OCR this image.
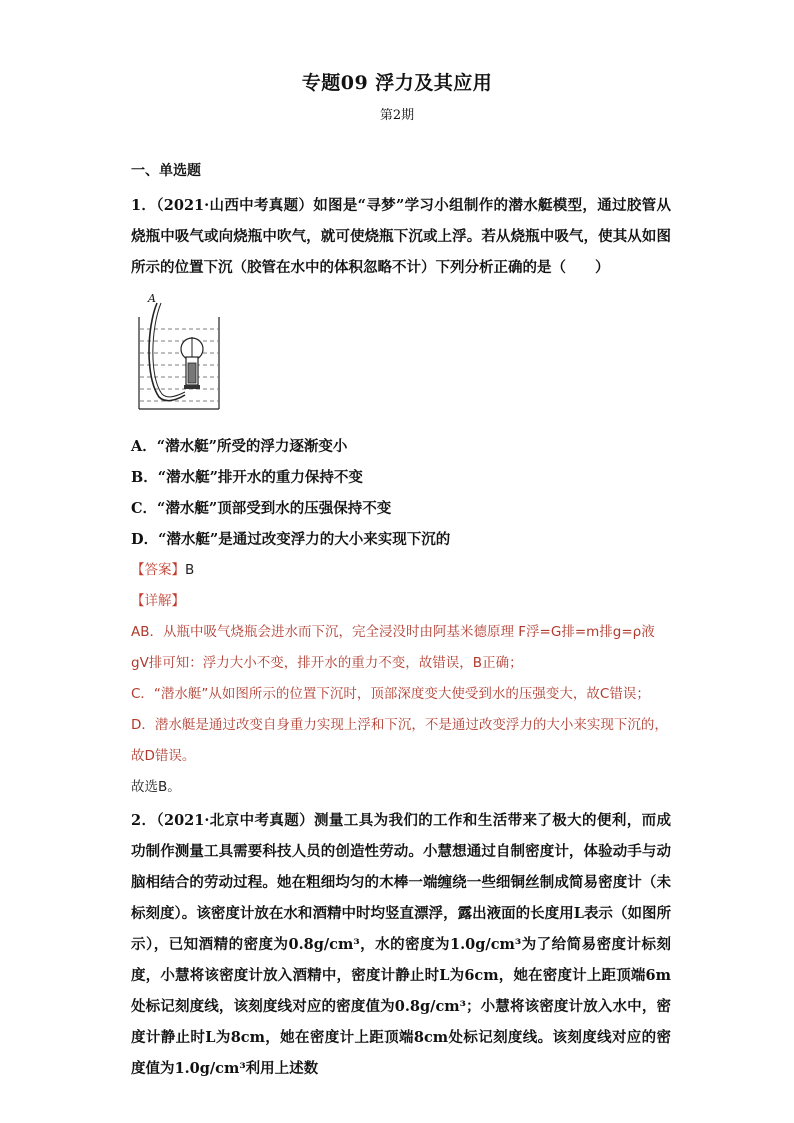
专题09 浮力及其应用
第2期
一、单选题
1．（2021·山西中考真题）如图是“寻梦”学习小组制作的潜水艇模型，通过胶管从烧瓶中吸气或向烧瓶中吹气，就可使烧瓶下沉或上浮。若从烧瓶中吸气，使其从如图所示的位置下沉（胶管在水中的体积忽略不计）下列分析正确的是（　　）
A．“潜水艇”所受的浮力逐渐变小
B．“潜水艇”排开水的重力保持不变
C．“潜水艇”顶部受到水的压强保持不变
D．“潜水艇”是通过改变浮力的大小来实现下沉的
【答案】B
【详解】
AB．从瓶中吸气烧瓶会进水而下沉，完全浸没时由阿基米德原理 F浮=G排=m排g=ρ液gV排可知：浮力大小不变，排开水的重力不变，故错误，B正确；
C．“潜水艇”从如图所示的位置下沉时，顶部深度变大使受到水的压强变大，故C错误；
D．潜水艇是通过改变自身重力实现上浮和下沉，不是通过改变浮力的大小来实现下沉的，故D错误。
故选B。
2．（2021·北京中考真题）测量工具为我们的工作和生活带来了极大的便利，而成功制作测量工具需要科技人员的创造性劳动。小慧想通过自制密度计，体验动手与动脑相结合的劳动过程。她在粗细均匀的木棒一端缠绕一些细铜丝制成简易密度计（未标刻度）。该密度计放在水和酒精中时均竖直漂浮，露出液面的长度用L表示（如图所示），已知酒精的密度为0.8g/cm³，水的密度为1.0g/cm³为了给简易密度计标刻度，小慧将该密度计放入酒精中，密度计静止时L为6cm，她在密度计上距顶端6m处标记刻度线，该刻度线对应的密度值为0.8g/cm³；小慧将该密度计放入水中，密度计静止时L为8cm，她在密度计上距顶端8cm处标记刻度线。该刻度线对应的密度值为1.0g/cm³利用上述数
A
